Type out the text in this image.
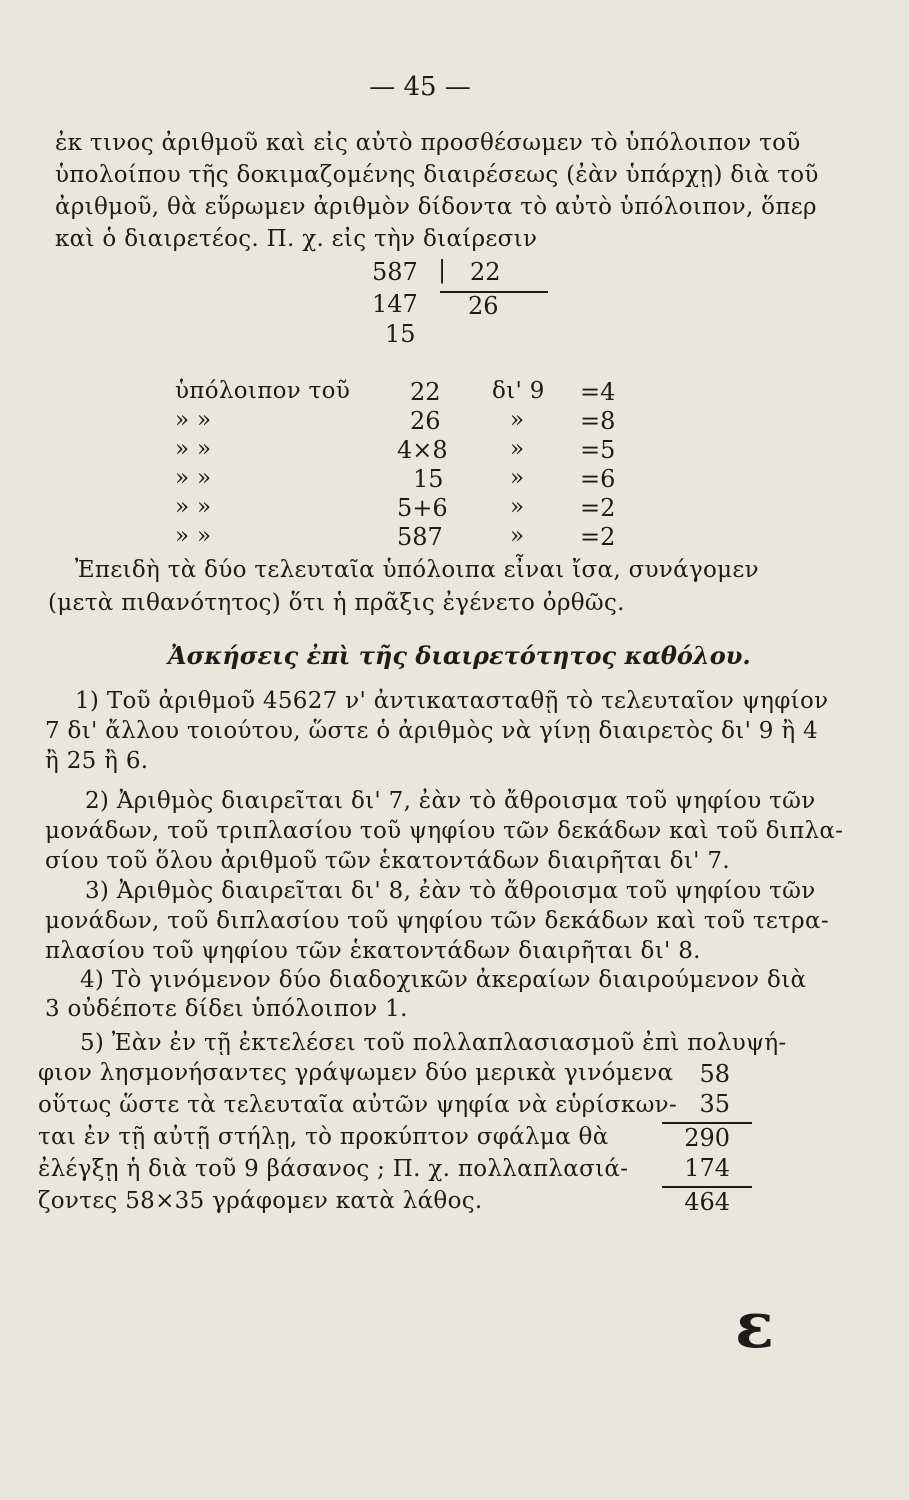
— 45 —
ἐκ τινος ἀριθμοῦ καὶ εἰς αὐτὸ προσθέσωμεν τὸ ὑπόλοιπον τοῦ
ὑπολοίπου τῆς δοκιμαζομένης διαιρέσεως (ἐὰν ὑπάρχῃ) διὰ τοῦ
ἀριθμοῦ, θὰ εὕρωμεν ἀριθμὸν δίδοντα τὸ αὐτὸ ὑπόλοιπον, ὅπερ
καὶ ὁ διαιρετέος. Π. χ. εἰς τὴν διαίρεσιν
587 | 22
147 26
15
ὑπόλοιπον τοῦ 22 δι' 9 =4
» »	26	» =8
» »	4×8	» =5
» »	15	» =6
» »	5+6	» =2
» »	587	» =2
Ἐπειδὴ τὰ δύο τελευταῖα ὑπόλοιπα εἶναι ἴσα, συνάγομεν
(μετὰ πιθανότητος) ὅτι ἡ πρᾶξις ἐγένετο ὀρθῶς.
Ἀσκήσεις ἐπὶ τῆς διαιρετότητος καθόλου.
1) Τοῦ ἀριθμοῦ 45627 ν' ἀντικατασταθῇ τὸ τελευταῖον ψηφίον
7 δι' ἄλλου τοιούτου, ὥστε ὁ ἀριθμὸς νὰ γίνῃ διαιρετὸς δι' 9 ἢ 4
ἢ 25 ἢ 6.
2) Ἀριθμὸς διαιρεῖται δι' 7, ἐὰν τὸ ἄθροισμα τοῦ ψηφίου τῶν
μονάδων, τοῦ τριπλασίου τοῦ ψηφίου τῶν δεκάδων καὶ τοῦ διπλα-
σίου τοῦ ὅλου ἀριθμοῦ τῶν ἑκατοντάδων διαιρῆται δι' 7.
3) Ἀριθμὸς διαιρεῖται δι' 8, ἐὰν τὸ ἄθροισμα τοῦ ψηφίου τῶν
μονάδων, τοῦ διπλασίου τοῦ ψηφίου τῶν δεκάδων καὶ τοῦ τετρα-
πλασίου τοῦ ψηφίου τῶν ἑκατοντάδων διαιρῆται δι' 8.
4) Τὸ γινόμενον δύο διαδοχικῶν ἀκεραίων διαιρούμενον διὰ
3 οὐδέποτε δίδει ὑπόλοιπον 1.
5) Ἐὰν ἐν τῇ ἐκτελέσει τοῦ πολλαπλασιασμοῦ ἐπὶ πολυψή-
φιον λησμονήσαντες γράψωμεν δύο μερικὰ γινόμενα
οὕτως ὥστε τὰ τελευταῖα αὐτῶν ψηφία νὰ εὑρίσκων-
ται ἐν τῇ αὐτῇ στήλῃ, τὸ προκύπτον σφάλμα θὰ
ἐλέγξῃ ἡ διὰ τοῦ 9 βάσανος ; Π. χ. πολλαπλασιά-
ζοντες 58×35 γράφομεν κατὰ λάθος.
58
35
290
174
464
ε
